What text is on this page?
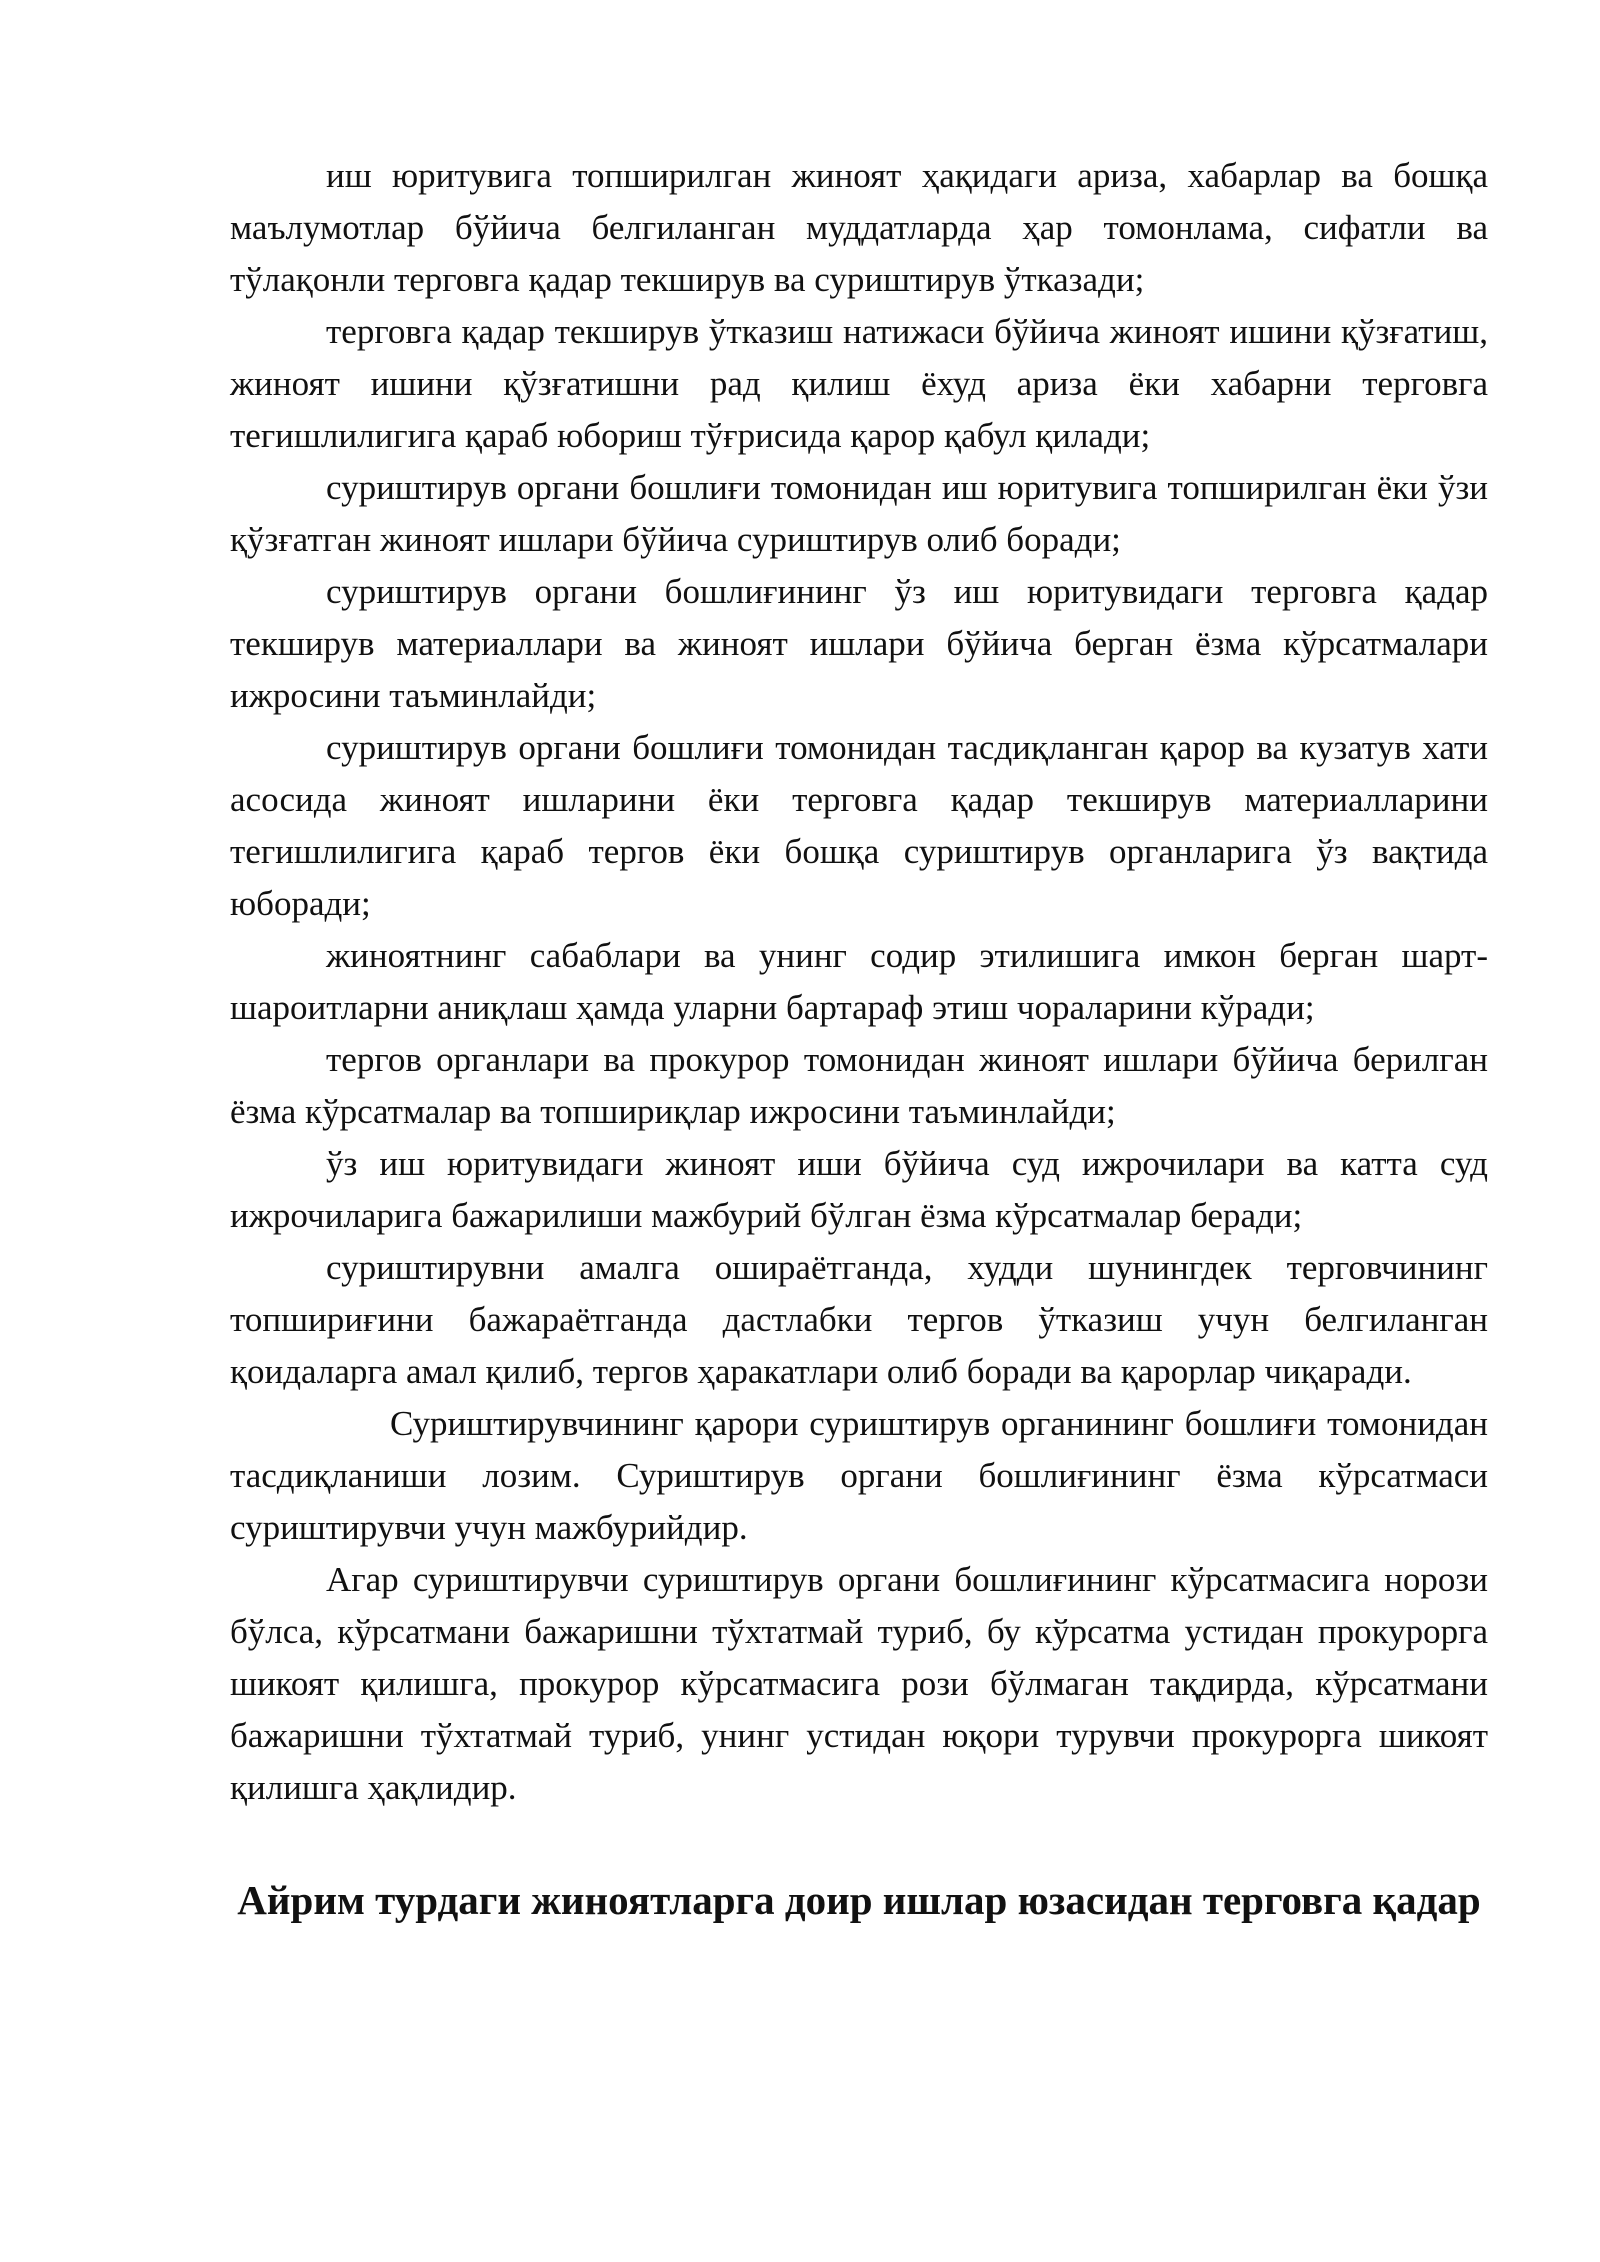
иш юритувига топширилган жиноят ҳақидаги ариза, хабарлар ва бошқа маълумотлар бўйича белгиланган муддатларда ҳар томонлама, сифатли ва тўлақонли терговга қадар текширув ва суриштирув ўтказади;

терговга қадар текширув ўтказиш натижаси бўйича жиноят ишини қўзғатиш, жиноят ишини қўзғатишни рад қилиш ёхуд ариза ёки хабарни терговга тегишлилигига қараб юбориш тўғрисида қарор қабул қилади;

суриштирув органи бошлиғи томонидан иш юритувига топширилган ёки ўзи қўзғатган жиноят ишлари бўйича суриштирув олиб боради;

суриштирув органи бошлиғининг ўз иш юритувидаги терговга қадар текширув материаллари ва жиноят ишлари бўйича берган ёзма кўрсатмалари ижросини таъминлайди;

суриштирув органи бошлиғи томонидан тасдиқланган қарор ва кузатув хати асосида жиноят ишларини ёки терговга қадар текширув материалларини тегишлилигига қараб тергов ёки бошқа суриштирув органларига ўз вақтида юборади;

жиноятнинг сабаблари ва унинг содир этилишига имкон берган шарт-шароитларни аниқлаш ҳамда уларни бартараф этиш чораларини кўради;

тергов органлари ва прокурор томонидан жиноят ишлари бўйича берилган ёзма кўрсатмалар ва топшириқлар ижросини таъминлайди;

ўз иш юритувидаги жиноят иши бўйича суд ижрочилари ва катта суд ижрочиларига бажарилиши мажбурий бўлган ёзма кўрсатмалар беради;

суриштирувни амалга ошираётганда, худди шунингдек терговчининг топшириғини бажараётганда дастлабки тергов ўтказиш учун белгиланган қоидаларга амал қилиб, тергов ҳаракатлари олиб боради ва қарорлар чиқаради.

Суриштирувчининг қарори суриштирув органининг бошлиғи томонидан тасдиқланиши лозим. Суриштирув органи бошлиғининг ёзма кўрсатмаси суриштирувчи учун мажбурийдир.

Агар суриштирувчи суриштирув органи бошлиғининг кўрсатмасига норози бўлса, кўрсатмани бажаришни тўхтатмай туриб, бу кўрсатма устидан прокурорга шикоят қилишга, прокурор кўрсатмасига рози бўлмаган тақдирда, кўрсатмани бажаришни тўхтатмай туриб, унинг устидан юқори турувчи прокурорга шикоят қилишга ҳақлидир.

Айрим турдаги жиноятларга доир ишлар юзасидан терговга қадар
